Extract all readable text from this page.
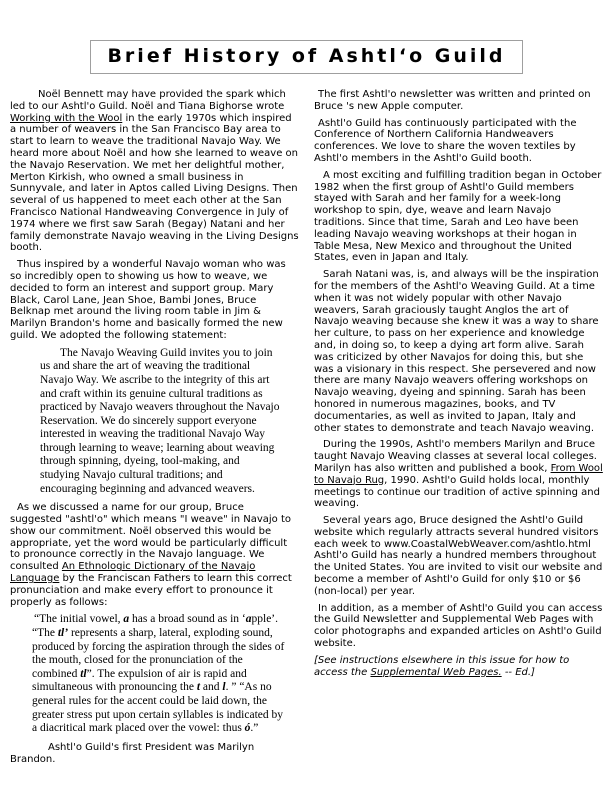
Brief History of Ashtl‘o Guild

Noël Bennett may have provided the spark which led to our Ashtl'o Guild. Noël and Tiana Bighorse wrote Working with the Wool in the early 1970s which inspired a number of weavers in the San Francisco Bay area to start to learn to weave the traditional Navajo Way. We heard more about Noël and how she learned to weave on the Navajo Reservation. We met her delightful mother, Merton Kirkish, who owned a small business in Sunnyvale, and later in Aptos called Living Designs. Then several of us happened to meet each other at the San Francisco National Handweaving Convergence in July of 1974 where we first saw Sarah (Begay) Natani and her family demonstrate Navajo weaving in the Living Designs booth.

Thus inspired by a wonderful Navajo woman who was so incredibly open to showing us how to weave, we decided to form an interest and support group. Mary Black, Carol Lane, Jean Shoe, Bambi Jones, Bruce Belknap met around the living room table in Jim & Marilyn Brandon's home and basically formed the new guild. We adopted the following statement:

The Navajo Weaving Guild invites you to join us and share the art of weaving the traditional Navajo Way. We ascribe to the integrity of this art and craft within its genuine cultural traditions as practiced by Navajo weavers throughout the Navajo Reservation. We do sincerely support everyone interested in weaving the traditional Navajo Way through learning to weave; learning about weaving through spinning, dyeing, tool-making, and studying Navajo cultural traditions; and encouraging beginning and advanced weavers.

As we discussed a name for our group, Bruce suggested "ashtl'o" which means "I weave" in Navajo to show our commitment. Noël observed this would be appropriate, yet the word would be particularly difficult to pronounce correctly in the Navajo language. We consulted An Ethnologic Dictionary of the Navajo Language by the Franciscan Fathers to learn this correct pronunciation and make every effort to pronounce it properly as follows:

“The initial vowel, a has a broad sound as in ‘apple’. “The tl’ represents a sharp, lateral, exploding sound, produced by forcing the aspiration through the sides of the mouth, closed for the pronunciation of the combined tl”. The expulsion of air is rapid and simultaneous with pronouncing the t and l. ” “As no general rules for the accent could be laid down, the greater stress put upon certain syllables is indicated by a diacritical mark placed over the vowel: thus ó.”

Ashtl'o Guild's first President was Marilyn Brandon.

The first Ashtl'o newsletter was written and printed on Bruce 's new Apple computer.

Ashtl'o Guild has continuously participated with the Conference of Northern California Handweavers conferences. We love to share the woven textiles by Ashtl'o members in the Ashtl'o Guild booth.

A most exciting and fulfilling tradition began in October 1982 when the first group of Ashtl'o Guild members stayed with Sarah and her family for a week-long workshop to spin, dye, weave and learn Navajo traditions. Since that time, Sarah and Leo have been leading Navajo weaving workshops at their hogan in Table Mesa, New Mexico and throughout the United States, even in Japan and Italy.

Sarah Natani was, is, and always will be the inspiration for the members of the Ashtl'o Weaving Guild. At a time when it was not widely popular with other Navajo weavers, Sarah graciously taught Anglos the art of Navajo weaving because she knew it was a way to share her culture, to pass on her experience and knowledge and, in doing so, to keep a dying art form alive. Sarah was criticized by other Navajos for doing this, but she was a visionary in this respect. She persevered and now there are many Navajo weavers offering workshops on Navajo weaving, dyeing and spinning. Sarah has been honored in numerous magazines, books, and TV documentaries, as well as invited to Japan, Italy and other states to demonstrate and teach Navajo weaving.

During the 1990s, Ashtl'o members Marilyn and Bruce taught Navajo Weaving classes at several local colleges. Marilyn has also written and published a book, From Wool to Navajo Rug, 1990. Ashtl'o Guild holds local, monthly meetings to continue our tradition of active spinning and weaving.

Several years ago, Bruce designed the Ashtl'o Guild website which regularly attracts several hundred visitors each week to www.CoastalWebWeaver.com/ashtlo.html Ashtl'o Guild has nearly a hundred members throughout the United States. You are invited to visit our website and become a member of Ashtl'o Guild for only $10 or $6 (non-local) per year.

In addition, as a member of Ashtl'o Guild you can access the Guild Newsletter and Supplemental Web Pages with color photographs and expanded articles on Ashtl'o Guild website.

[See instructions elsewhere in this issue for how to access the Supplemental Web Pages. -- Ed.]
